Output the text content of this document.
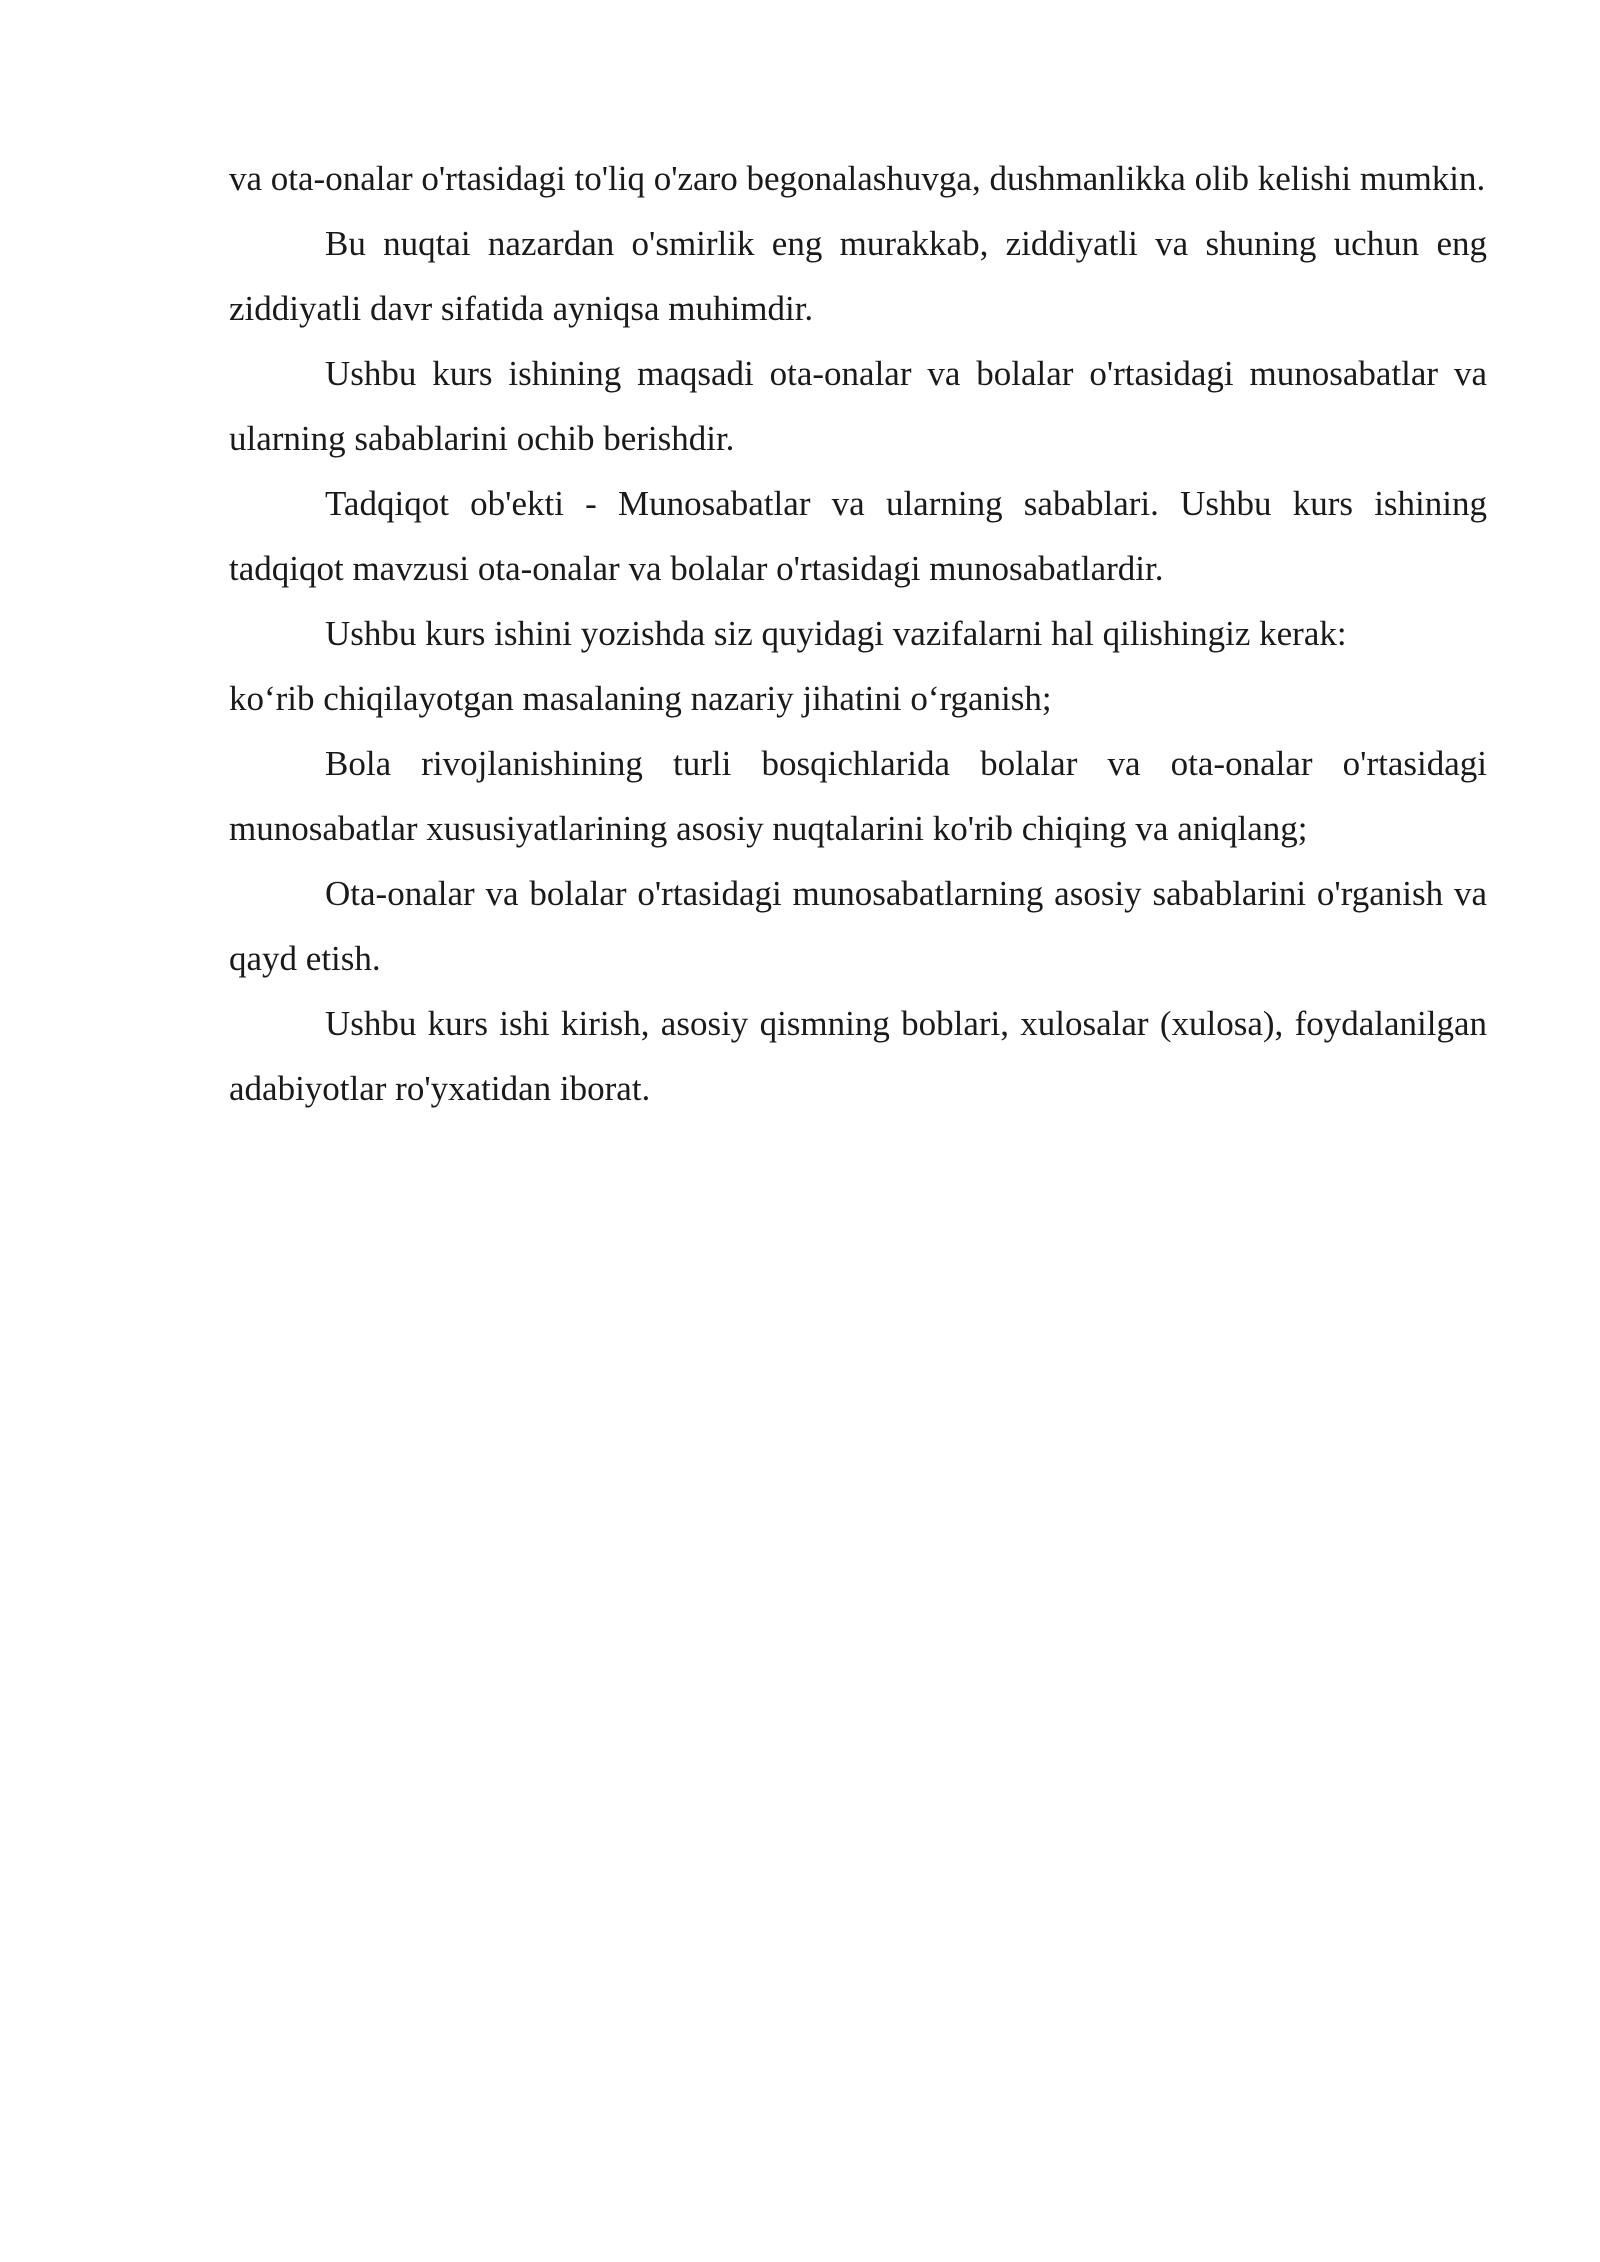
va ota-onalar o'rtasidagi to'liq o'zaro begonalashuvga, dushmanlikka olib kelishi mumkin.

Bu nuqtai nazardan o'smirlik eng murakkab, ziddiyatli va shuning uchun eng ziddiyatli davr sifatida ayniqsa muhimdir.

Ushbu kurs ishining maqsadi ota-onalar va bolalar o'rtasidagi munosabatlar va ularning sabablarini ochib berishdir.

Tadqiqot ob'ekti - Munosabatlar va ularning sabablari. Ushbu kurs ishining tadqiqot mavzusi ota-onalar va bolalar o'rtasidagi munosabatlardir.

Ushbu kurs ishini yozishda siz quyidagi vazifalarni hal qilishingiz kerak:

ko‘rib chiqilayotgan masalaning nazariy jihatini o‘rganish;

Bola rivojlanishining turli bosqichlarida bolalar va ota-onalar o'rtasidagi munosabatlar xususiyatlarining asosiy nuqtalarini ko'rib chiqing va aniqlang;

Ota-onalar va bolalar o'rtasidagi munosabatlarning asosiy sabablarini o'rganish va qayd etish.

Ushbu kurs ishi kirish, asosiy qismning boblari, xulosalar (xulosa), foydalanilgan adabiyotlar ro'yxatidan iborat.
